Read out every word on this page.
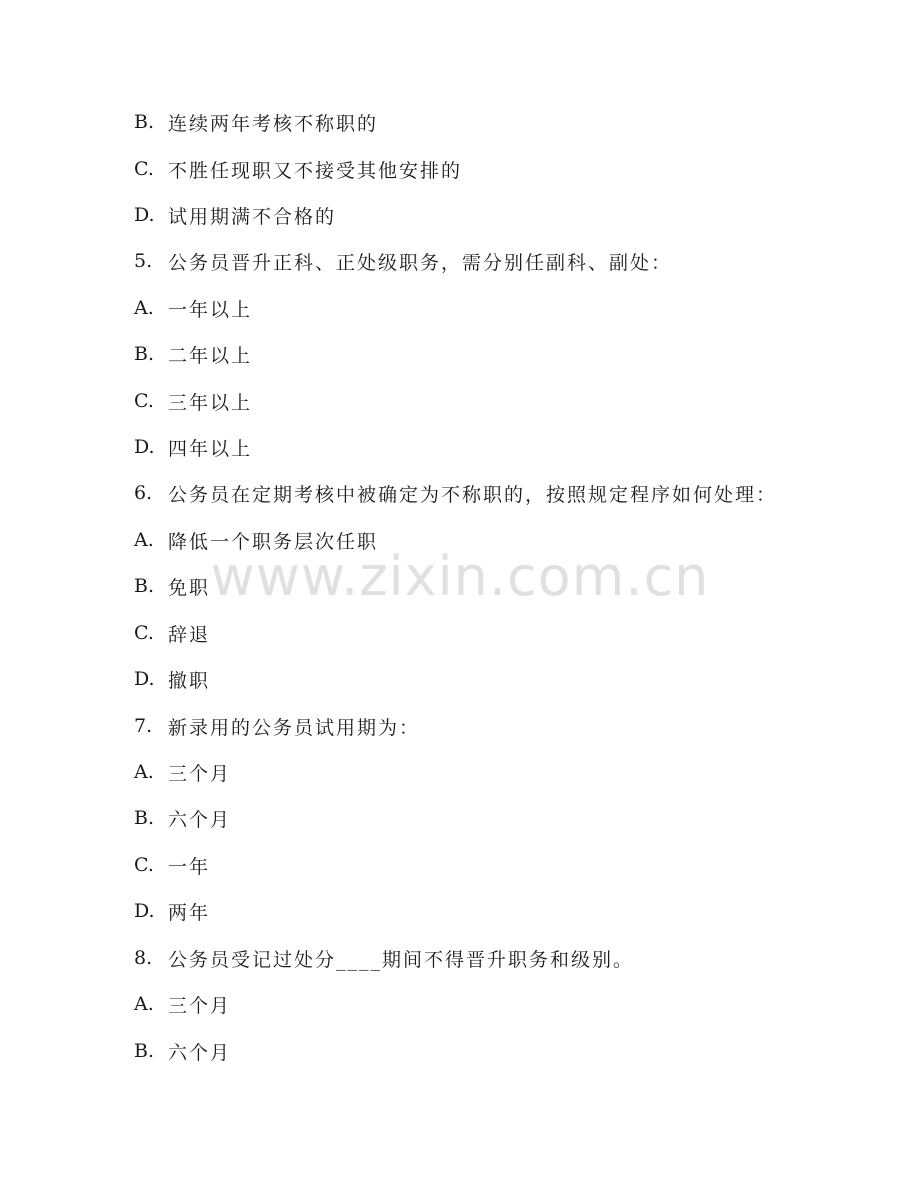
B. 连续两年考核不称职的
C. 不胜任现职又不接受其他安排的
D. 试用期满不合格的
5. 公务员晋升正科、正处级职务，需分别任副科、副处：
A. 一年以上
B. 二年以上
C. 三年以上
D. 四年以上
6. 公务员在定期考核中被确定为不称职的，按照规定程序如何处理：
A. 降低一个职务层次任职
B. 免职
C. 辞退
D. 撤职
7. 新录用的公务员试用期为：
A. 三个月
B. 六个月
C. 一年
D. 两年
8. 公务员受记过处分____期间不得晋升职务和级别。
A. 三个月
B. 六个月
www.zixin.com.cn
